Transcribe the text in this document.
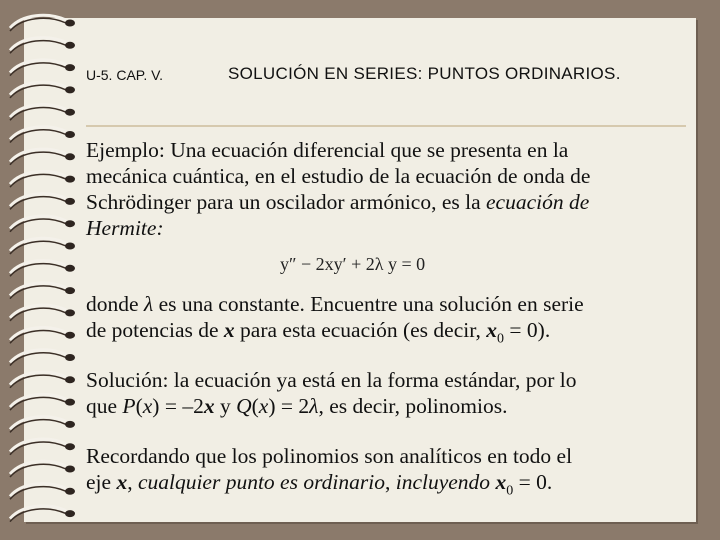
U-5. CAP. V.	SOLUCIÓN EN SERIES: PUNTOS ORDINARIOS.
Ejemplo: Una ecuación diferencial que se presenta en la
mecánica cuántica, en el estudio de la ecuación de onda de
Schrödinger para un oscilador armónico, es la ecuación de
Hermite:
y″ − 2xy′ + 2λ y = 0
donde λ es una constante. Encuentre una solución en serie
de potencias de x para esta ecuación (es decir, $x_0 = 0$).
Solución: la ecuación ya está en la forma estándar, por lo
que P(x) = –2x y Q(x) = 2λ, es decir, polinomios.
Recordando que los polinomios son analíticos en todo el
eje x, cualquier punto es ordinario, incluyendo $x_0 = 0$.
